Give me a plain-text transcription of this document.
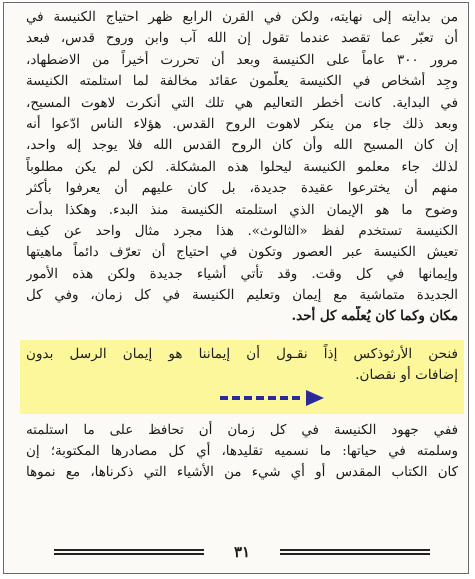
من بدايته إلى نهايته، ولكن في القرن الرابع ظهر احتياج الكنيسة في
أن تعبّر عما تقصد عندما تقول إن الله آب وابن وروح قدس، فبعد
مرور ٣٠٠ عاماً على الكنيسة وبعد أن تحررت أخيراً من الاضطهاد،
وجِد أشخاص في الكنيسة يعلّمون عقائد مخالفة لما استلمته الكنيسة
في البداية. كانت أخطر التعاليم هي تلك التي أنكرت لاهوت المسيح،
وبعد ذلك جاء من ينكر لاهوت الروح القدس. هؤلاء الناس ادّعوا أنه
إن كان المسيح الله وأن كان الروح القدس الله فلا يوجد إله واحد،
لذلك جاء معلمو الكنيسة ليحلوا هذه المشكلة. لكن لم يكن مطلوباً
منهم أن يخترعوا عقيدة جديدة، بل كان عليهم أن يعرفوا بأكثر
وضوح ما هو الإيمان الذي استلمته الكنيسة منذ البدء. وهكذا بدأت
الكنيسة تستخدم لفظ «الثالوث». هذا مجرد مثال واحد عن كيف
تعيش الكنيسة عبر العصور وتكون في احتياج أن تعرّف دائماً ماهيتها
وإيمانها في كل وقت. وقد تأتي أشياء جديدة ولكن هذه الأمور
الجديدة متماشية مع إيمان وتعليم الكنيسة في كل زمان، وفي كل
مكان وكما كان يُعلّمه كل أحد.
فنحن الأرثوذكس إذاً نقـول أن إيماننا هو إيمان الرسل بدون
إضافات أو نقصان.
ففي جهود الكنيسة في كل زمان أن تحافظ على ما استلمته
وسلمته في حياتها: ما نسميه تقليدها، أي كل مصادرها المكتوبة؛ إن
كان الكتاب المقدس أو أي شيء من الأشياء التي ذكرناها، مع نموها
٣١
